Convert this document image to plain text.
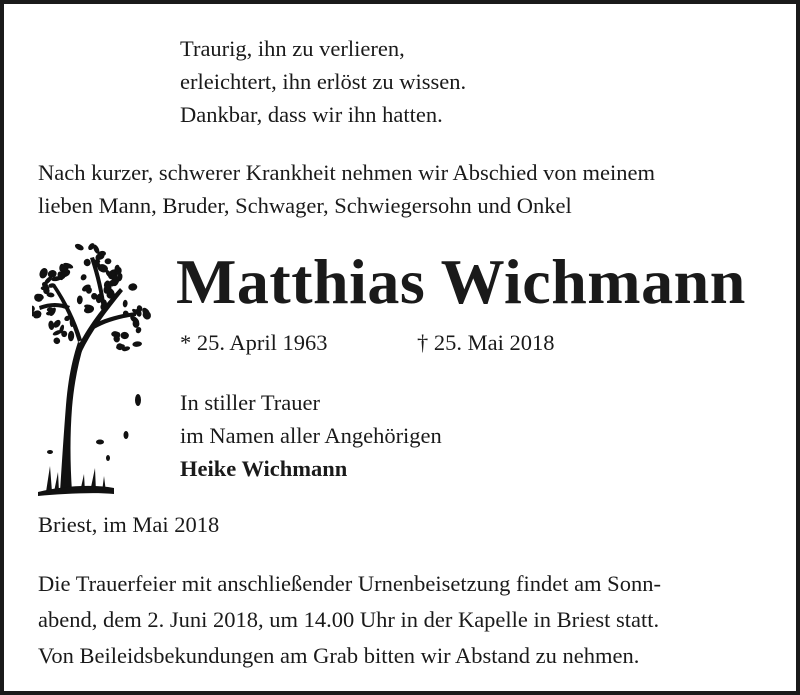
Traurig, ihn zu verlieren,
erleichtert, ihn erlöst zu wissen.
Dankbar, dass wir ihn hatten.
Nach kurzer, schwerer Krankheit nehmen wir Abschied von meinem
lieben Mann, Bruder, Schwager, Schwiegersohn und Onkel
Matthias Wichmann
* 25. April 1963	† 25. Mai 2018
In stiller Trauer
im Namen aller Angehörigen
Heike Wichmann
Briest, im Mai 2018
Die Trauerfeier mit anschließender Urnenbeisetzung findet am Sonn-
abend, dem 2. Juni 2018, um 14.00 Uhr in der Kapelle in Briest statt.
Von Beileidsbekundungen am Grab bitten wir Abstand zu nehmen.
